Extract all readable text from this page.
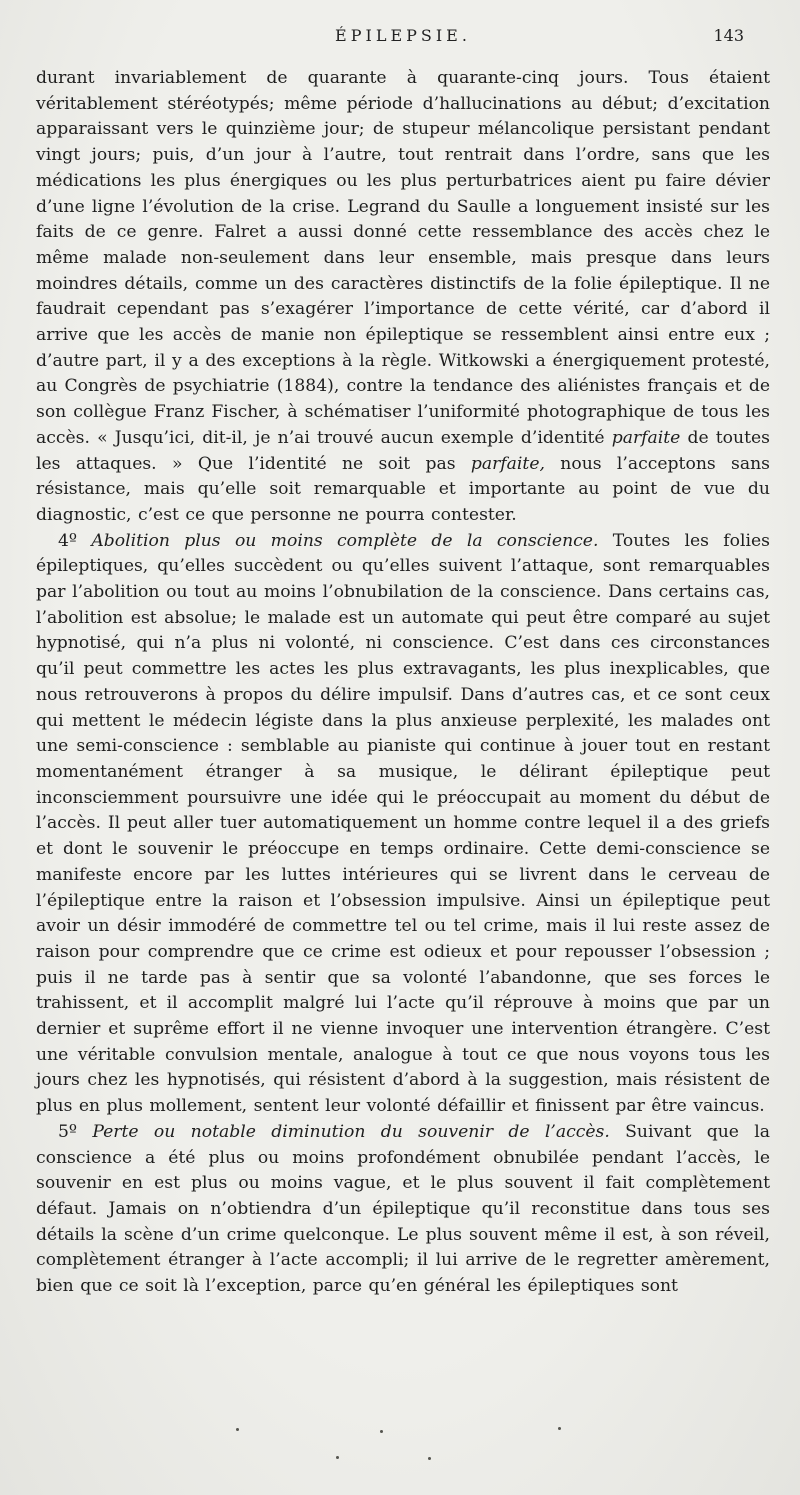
ÉPILEPSIE.	143

durant invariablement de quarante à quarante-cinq jours. Tous étaient véritablement stéréotypés; même période d’hallucinations au début; d’excitation apparaissant vers le quinzième jour; de stupeur mélancolique persistant pendant vingt jours; puis, d’un jour à l’autre, tout rentrait dans l’ordre, sans que les médications les plus énergiques ou les plus perturbatrices aient pu faire dévier d’une ligne l’évolution de la crise. Legrand du Saulle a longuement insisté sur les faits de ce genre. Falret a aussi donné cette ressemblance des accès chez le même malade non-seulement dans leur ensemble, mais presque dans leurs moindres détails, comme un des caractères distinctifs de la folie épileptique. Il ne faudrait cependant pas s’exagérer l’importance de cette vérité, car d’abord il arrive que les accès de manie non épileptique se ressemblent ainsi entre eux ; d’autre part, il y a des exceptions à la règle. Witkowski a énergiquement protesté, au Congrès de psychiatrie (1884), contre la tendance des aliénistes français et de son collègue Franz Fischer, à schématiser l’uniformité photographique de tous les accès. « Jusqu’ici, dit-il, je n’ai trouvé aucun exemple d’identité parfaite de toutes les attaques. » Que l’identité ne soit pas parfaite, nous l’acceptons sans résistance, mais qu’elle soit remarquable et importante au point de vue du diagnostic, c’est ce que personne ne pourra contester.

4º Abolition plus ou moins complète de la conscience. Toutes les folies épileptiques, qu’elles succèdent ou qu’elles suivent l’attaque, sont remarquables par l’abolition ou tout au moins l’obnubilation de la conscience. Dans certains cas, l’abolition est absolue; le malade est un automate qui peut être comparé au sujet hypnotisé, qui n’a plus ni volonté, ni conscience. C’est dans ces circonstances qu’il peut commettre les actes les plus extravagants, les plus inexplicables, que nous retrouverons à propos du délire impulsif. Dans d’autres cas, et ce sont ceux qui mettent le médecin légiste dans la plus anxieuse perplexité, les malades ont une semi-conscience : semblable au pianiste qui continue à jouer tout en restant momentanément étranger à sa musique, le délirant épileptique peut inconsciemment poursuivre une idée qui le préoccupait au moment du début de l’accès. Il peut aller tuer automatiquement un homme contre lequel il a des griefs et dont le souvenir le préoccupe en temps ordinaire. Cette demi-conscience se manifeste encore par les luttes intérieures qui se livrent dans le cerveau de l’épileptique entre la raison et l’obsession impulsive. Ainsi un épileptique peut avoir un désir immodéré de commettre tel ou tel crime, mais il lui reste assez de raison pour comprendre que ce crime est odieux et pour repousser l’obsession ; puis il ne tarde pas à sentir que sa volonté l’abandonne, que ses forces le trahissent, et il accomplit malgré lui l’acte qu’il réprouve à moins que par un dernier et suprême effort il ne vienne invoquer une intervention étrangère. C’est une véritable convulsion mentale, analogue à tout ce que nous voyons tous les jours chez les hypnotisés, qui résistent d’abord à la suggestion, mais résistent de plus en plus mollement, sentent leur volonté défaillir et finissent par être vaincus.

5º Perte ou notable diminution du souvenir de l’accès. Suivant que la conscience a été plus ou moins profondément obnubilée pendant l’accès, le souvenir en est plus ou moins vague, et le plus souvent il fait complètement défaut. Jamais on n’obtiendra d’un épileptique qu’il reconstitue dans tous ses détails la scène d’un crime quelconque. Le plus souvent même il est, à son réveil, complètement étranger à l’acte accompli; il lui arrive de le regretter amèrement, bien que ce soit là l’exception, parce qu’en général les épileptiques sont
